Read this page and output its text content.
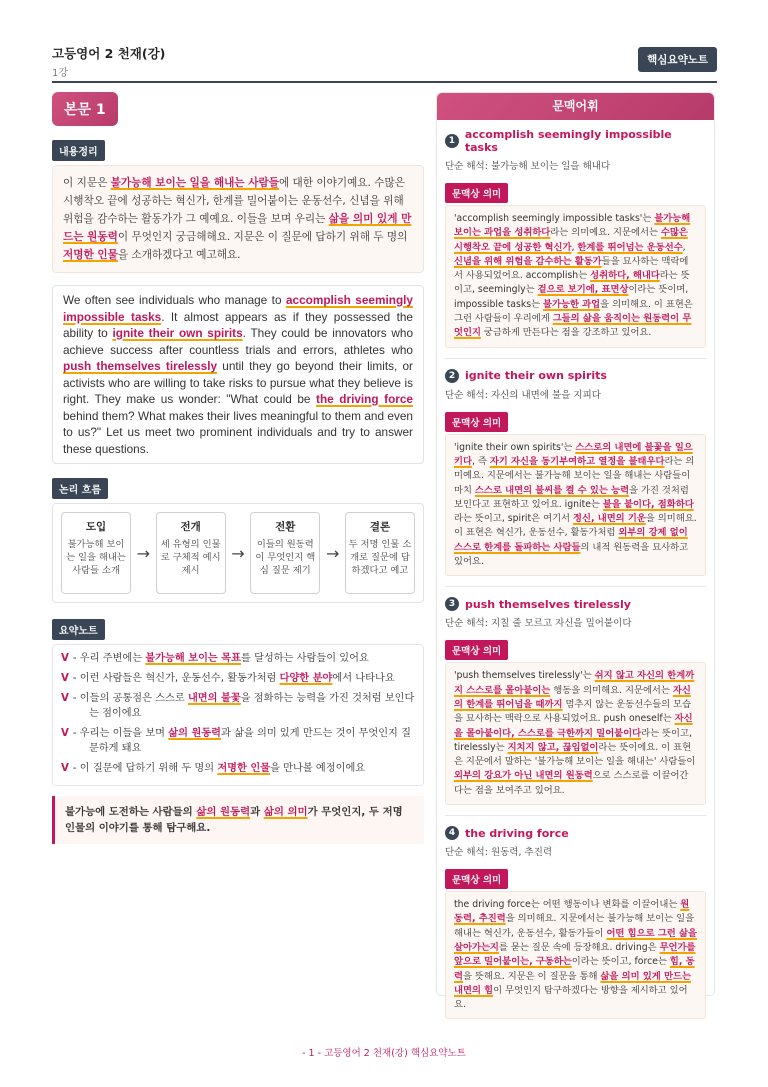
고등영어 2 천재(강)
1강
핵심요약노트
본문 1
내용정리
이 지문은 불가능해 보이는 일을 해내는 사람들에 대한 이야기예요. 수많은 시행착오 끝에 성공하는 혁신가, 한계를 밀어붙이는 운동선수, 신념을 위해 위험을 감수하는 활동가가 그 예예요. 이들을 보며 우리는 삶을 의미 있게 만드는 원동력이 무엇인지 궁금해해요. 지문은 이 질문에 답하기 위해 두 명의 저명한 인물을 소개하겠다고 예고해요.
We often see individuals who manage to accomplish seemingly impossible tasks. It almost appears as if they possessed the ability to ignite their own spirits. They could be innovators who achieve success after countless trials and errors, athletes who push themselves tirelessly until they go beyond their limits, or activists who are willing to take risks to pursue what they believe is right. They make us wonder: "What could be the driving force behind them? What makes their lives meaningful to them and even to us?" Let us meet two prominent individuals and try to answer these questions.
논리 흐름
도입
불가능해 보이는 일을 해내는 사람들 소개
→
전개
세 유형의 인물로 구체적 예시 제시
→
전환
이들의 원동력이 무엇인지 핵심 질문 제기
→
결론
두 저명 인물 소개로 질문에 답하겠다고 예고
요약노트
V - 우리 주변에는 불가능해 보이는 목표를 달성하는 사람들이 있어요
V - 이런 사람들은 혁신가, 운동선수, 활동가처럼 다양한 분야에서 나타나요
V - 이들의 공통점은 스스로 내면의 불꽃을 점화하는 능력을 가진 것처럼 보인다는 점이에요
V - 우리는 이들을 보며 삶의 원동력과 삶을 의미 있게 만드는 것이 무엇인지 질문하게 돼요
V - 이 질문에 답하기 위해 두 명의 저명한 인물을 만나볼 예정이에요
불가능에 도전하는 사람들의 삶의 원동력과 삶의 의미가 무엇인지, 두 저명 인물의 이야기를 통해 탐구해요.
문맥어휘
1 accomplish seemingly impossible tasks
단순 해석: 불가능해 보이는 일을 해내다
문맥상 의미
'accomplish seemingly impossible tasks'는 불가능해 보이는 과업을 성취하다라는 의미예요. 지문에서는 수많은 시행착오 끝에 성공한 혁신가, 한계를 뛰어넘는 운동선수, 신념을 위해 위험을 감수하는 활동가들을 묘사하는 맥락에서 사용되었어요. accomplish는 성취하다, 해내다라는 뜻이고, seemingly는 겉으로 보기에, 표면상이라는 뜻이며, impossible tasks는 불가능한 과업을 의미해요. 이 표현은 그런 사람들이 우리에게 그들의 삶을 움직이는 원동력이 무엇인지 궁금하게 만든다는 점을 강조하고 있어요.
2 ignite their own spirits
단순 해석: 자신의 내면에 불을 지피다
문맥상 의미
'ignite their own spirits'는 스스로의 내면에 불꽃을 일으키다, 즉 자기 자신을 동기부여하고 열정을 불태우다라는 의미예요. 지문에서는 불가능해 보이는 일을 해내는 사람들이 마치 스스로 내면의 불씨를 켤 수 있는 능력을 가진 것처럼 보인다고 표현하고 있어요. ignite는 불을 붙이다, 점화하다라는 뜻이고, spirit은 여기서 정신, 내면의 기운을 의미해요. 이 표현은 혁신가, 운동선수, 활동가처럼 외부의 강제 없이 스스로 한계를 돌파하는 사람들의 내적 원동력을 묘사하고 있어요.
3 push themselves tirelessly
단순 해석: 지칠 줄 모르고 자신을 밀어붙이다
문맥상 의미
'push themselves tirelessly'는 쉬지 않고 자신의 한계까지 스스로를 몰아붙이는 행동을 의미해요. 지문에서는 자신의 한계를 뛰어넘을 때까지 멈추지 않는 운동선수들의 모습을 묘사하는 맥락으로 사용되었어요. push oneself는 자신을 몰아붙이다, 스스로를 극한까지 밀어붙이다라는 뜻이고, tirelessly는 지치지 않고, 끊임없이라는 뜻이에요. 이 표현은 지문에서 말하는 '불가능해 보이는 일을 해내는' 사람들이 외부의 강요가 아닌 내면의 원동력으로 스스로를 이끌어간다는 점을 보여주고 있어요.
4 the driving force
단순 해석: 원동력, 추진력
문맥상 의미
the driving force는 어떤 행동이나 변화를 이끌어내는 원동력, 추진력을 의미해요. 지문에서는 불가능해 보이는 일을 해내는 혁신가, 운동선수, 활동가들이 어떤 힘으로 그런 삶을 살아가는지를 묻는 질문 속에 등장해요. driving은 무언가를 앞으로 밀어붙이는, 구동하는이라는 뜻이고, force는 힘, 동력을 뜻해요. 지문은 이 질문을 통해 삶을 의미 있게 만드는 내면의 힘이 무엇인지 탐구하겠다는 방향을 제시하고 있어요.
- 1 - 고등영어 2 천재(강) 핵심요약노트
